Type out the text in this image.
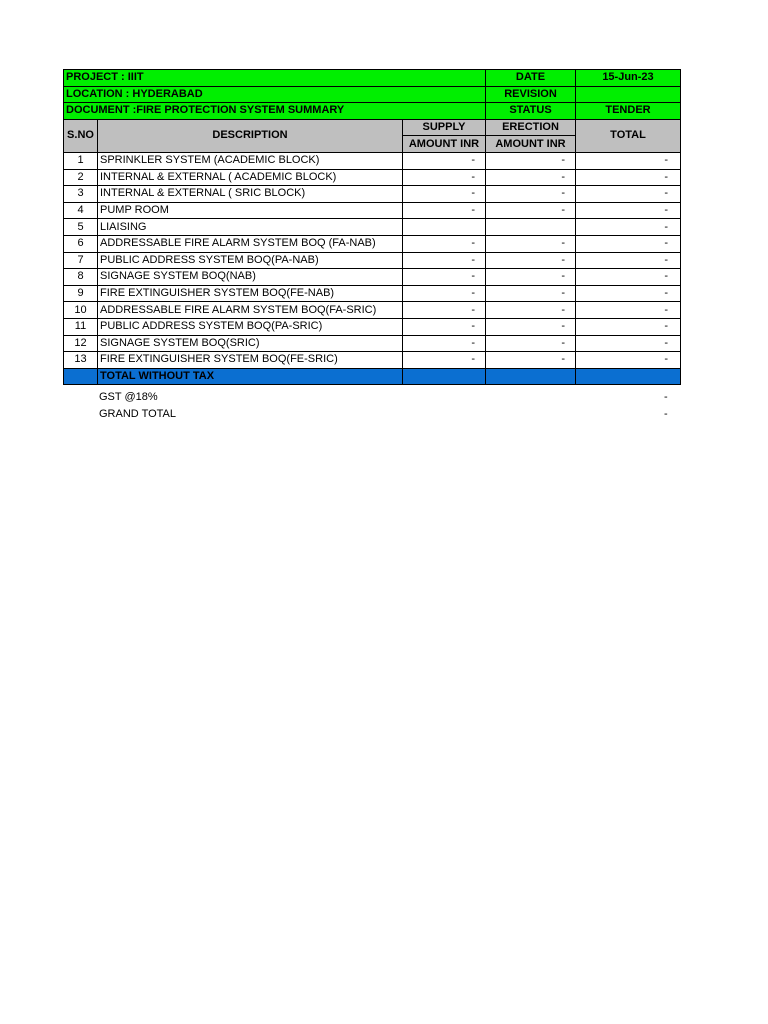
PROJECT : IIIT			DATE	15-Jun-23
LOCATION : HYDERABAD			REVISION	
DOCUMENT :FIRE PROTECTION SYSTEM SUMMARY			STATUS	TENDER
S.NO	DESCRIPTION	SUPPLY	ERECTION	TOTAL
		AMOUNT INR	AMOUNT INR	
1	SPRINKLER SYSTEM (ACADEMIC BLOCK)	-	-	-
2	INTERNAL & EXTERNAL ( ACADEMIC BLOCK)	-	-	-
3	INTERNAL & EXTERNAL ( SRIC BLOCK)	-	-	-
4	PUMP ROOM	-	-	-
5	LIAISING			-
6	ADDRESSABLE FIRE ALARM SYSTEM BOQ (FA-NAB)	-	-	-
7	PUBLIC ADDRESS SYSTEM BOQ(PA-NAB)	-	-	-
8	SIGNAGE SYSTEM BOQ(NAB)	-	-	-
9	FIRE EXTINGUISHER SYSTEM BOQ(FE-NAB)	-	-	-
10	ADDRESSABLE FIRE ALARM SYSTEM BOQ(FA-SRIC)	-	-	-
11	PUBLIC ADDRESS SYSTEM BOQ(PA-SRIC)	-	-	-
12	SIGNAGE SYSTEM BOQ(SRIC)	-	-	-
13	FIRE EXTINGUISHER SYSTEM BOQ(FE-SRIC)	-	-	-
	TOTAL WITHOUT TAX	-	-	-
GST @18%	-
GRAND TOTAL	-
